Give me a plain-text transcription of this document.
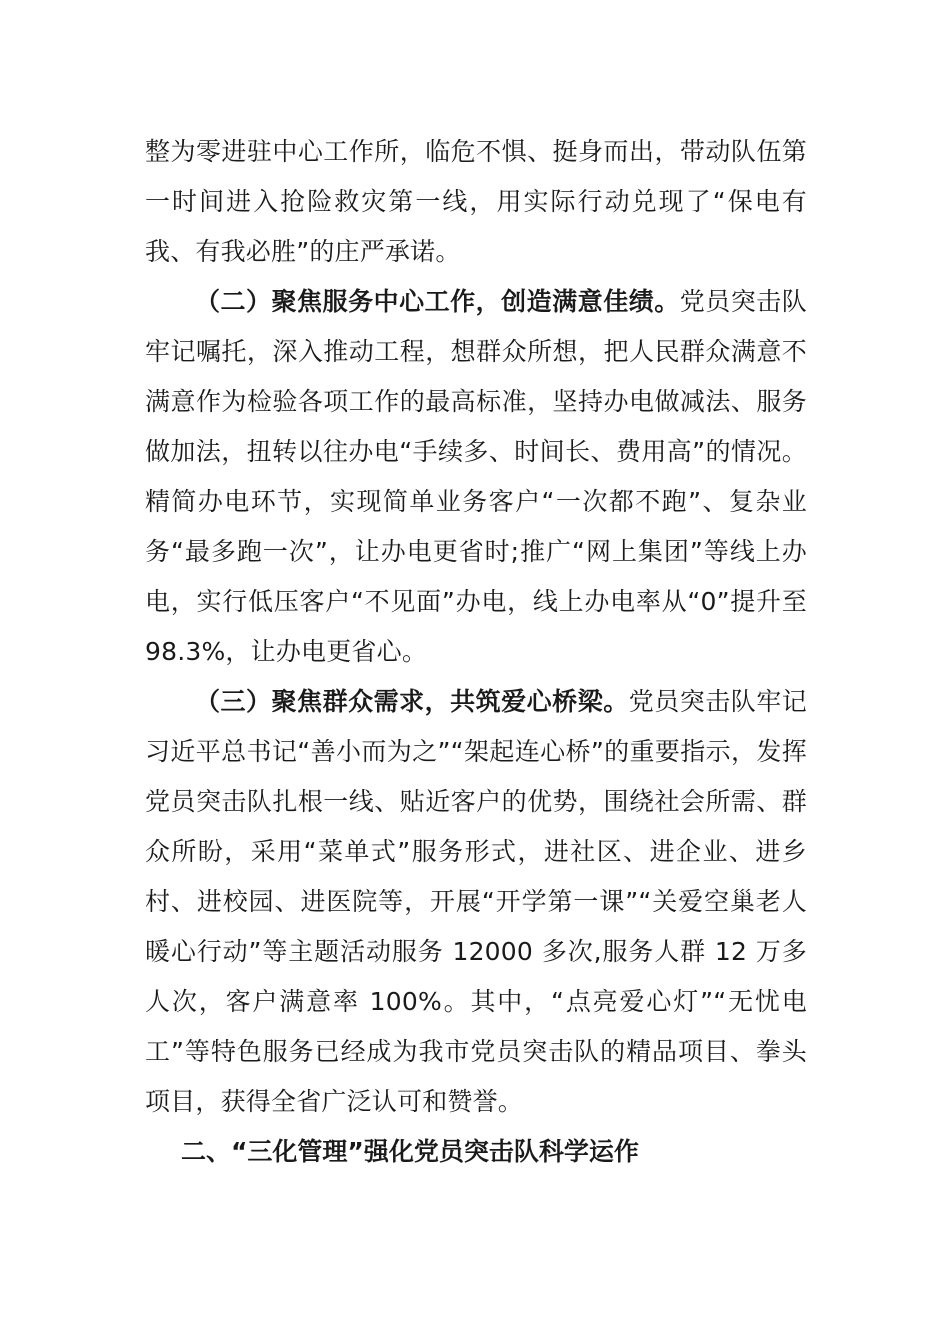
整为零进驻中心工作所，临危不惧、挺身而出，带动队伍第一时间进入抢险救灾第一线，用实际行动兑现了“保电有我、有我必胜”的庄严承诺。

（二）聚焦服务中心工作，创造满意佳绩。党员突击队牢记嘱托，深入推动工程，想群众所想，把人民群众满意不满意作为检验各项工作的最高标准，坚持办电做减法、服务做加法，扭转以往办电“手续多、时间长、费用高”的情况。精简办电环节，实现简单业务客户“一次都不跑”、复杂业务“最多跑一次”，让办电更省时;推广“网上集团”等线上办电，实行低压客户“不见面”办电，线上办电率从“0”提升至98.3%，让办电更省心。

（三）聚焦群众需求，共筑爱心桥梁。党员突击队牢记习近平总书记“善小而为之”“架起连心桥”的重要指示，发挥党员突击队扎根一线、贴近客户的优势，围绕社会所需、群众所盼，采用“菜单式”服务形式，进社区、进企业、进乡村、进校园、进医院等，开展“开学第一课”“关爱空巢老人暖心行动”等主题活动服务 12000 多次,服务人群 12 万多人次，客户满意率 100%。其中，“点亮爱心灯”“无忧电工”等特色服务已经成为我市党员突击队的精品项目、拳头项目，获得全省广泛认可和赞誉。

二、“三化管理”强化党员突击队科学运作
